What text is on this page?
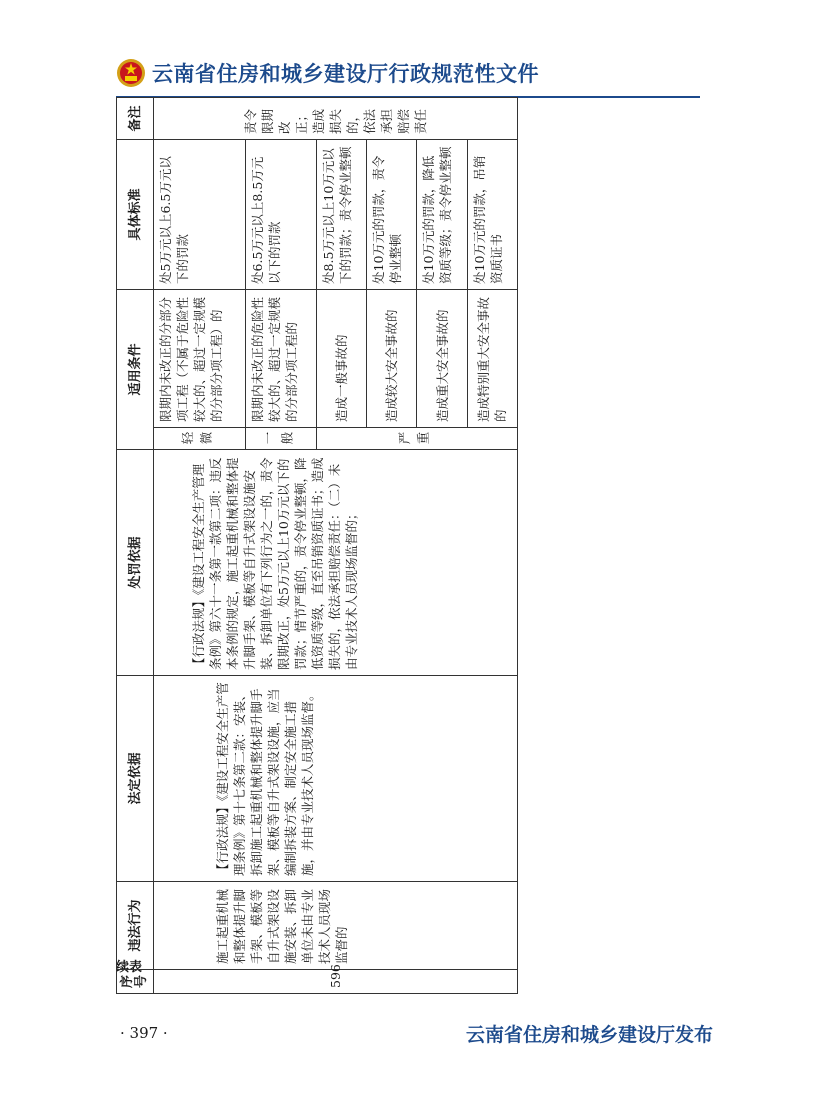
云南省住房和城乡建设厅行政规范性文件
续表
序号	违法行为	法定依据	处罚依据	适用条件		具体标准	备注
596	施工起重机械和整体提升脚手架、模板等自升式架设设施安装、拆卸单位未由专业技术人员现场监督的	【行政法规】《建设工程安全生产管理条例》第十七条第二款：安装、拆卸施工起重机械和整体提升脚手架、模板等自升式架设设施，应当编制拆装方案、制定安全施工措施，并由专业技术人员现场监督。	【行政法规】《建设工程安全生产管理条例》第六十一条第一款第二项：违反本条例的规定，施工起重机械和整体提升脚手架、模板等自升式架设设施安装、拆卸单位有下列行为之一的，责令限期改正，处5万元以上10万元以下的罚款；情节严重的，责令停业整顿，降低资质等级，直至吊销资质证书；造成损失的，依法承担赔偿责任：（二）未由专业技术人员现场监督的；	轻微	限期内未改正的分部分项工程（不属于危险性较大的、超过一定规模的分部分项工程）的	处5万元以上6.5万元以下的罚款	责令限期改正；造成损失的，依法承担赔偿责任
				一般	限期内未改正的危险性较大的、超过一定规模的分部分项工程的	处6.5万元以上8.5万元以下的罚款	
				严重	造成一般事故的	处8.5万元以上10万元以下的罚款；责令停业整顿	
					造成较大安全事故的	处10万元的罚款，责令停业整顿	
					造成重大安全事故的	处10万元的罚款，降低资质等级；责令停业整顿	
					造成特别重大安全事故的	处10万元的罚款，吊销资质证书	
· 397 ·	云南省住房和城乡建设厅发布
